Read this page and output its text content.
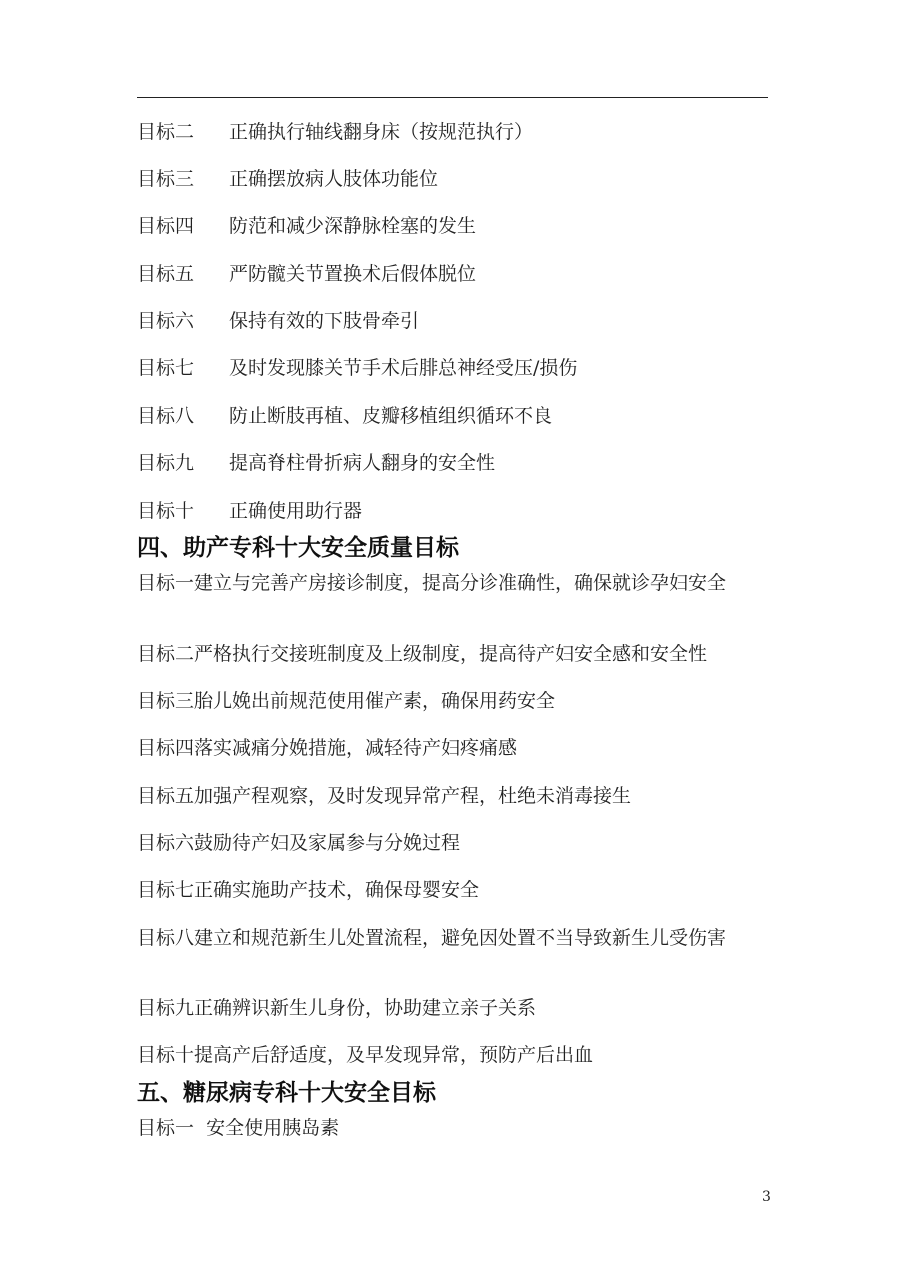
目标二 正确执行轴线翻身床（按规范执行）
目标三 正确摆放病人肢体功能位
目标四 防范和减少深静脉栓塞的发生
目标五 严防髋关节置换术后假体脱位
目标六 保持有效的下肢骨牵引
目标七 及时发现膝关节手术后腓总神经受压/损伤
目标八 防止断肢再植、皮瓣移植组织循环不良
目标九 提高脊柱骨折病人翻身的安全性
目标十 正确使用助行器
四、助产专科十大安全质量目标
目标一建立与完善产房接诊制度，提高分诊准确性，确保就诊孕妇安全
目标二严格执行交接班制度及上级制度，提高待产妇安全感和安全性
目标三胎儿娩出前规范使用催产素，确保用药安全
目标四落实减痛分娩措施，减轻待产妇疼痛感
目标五加强产程观察，及时发现异常产程，杜绝未消毒接生
目标六鼓励待产妇及家属参与分娩过程
目标七正确实施助产技术，确保母婴安全
目标八建立和规范新生儿处置流程，避免因处置不当导致新生儿受伤害
目标九正确辨识新生儿身份，协助建立亲子关系
目标十提高产后舒适度，及早发现异常，预防产后出血
五、糖尿病专科十大安全目标
目标一  安全使用胰岛素
3
